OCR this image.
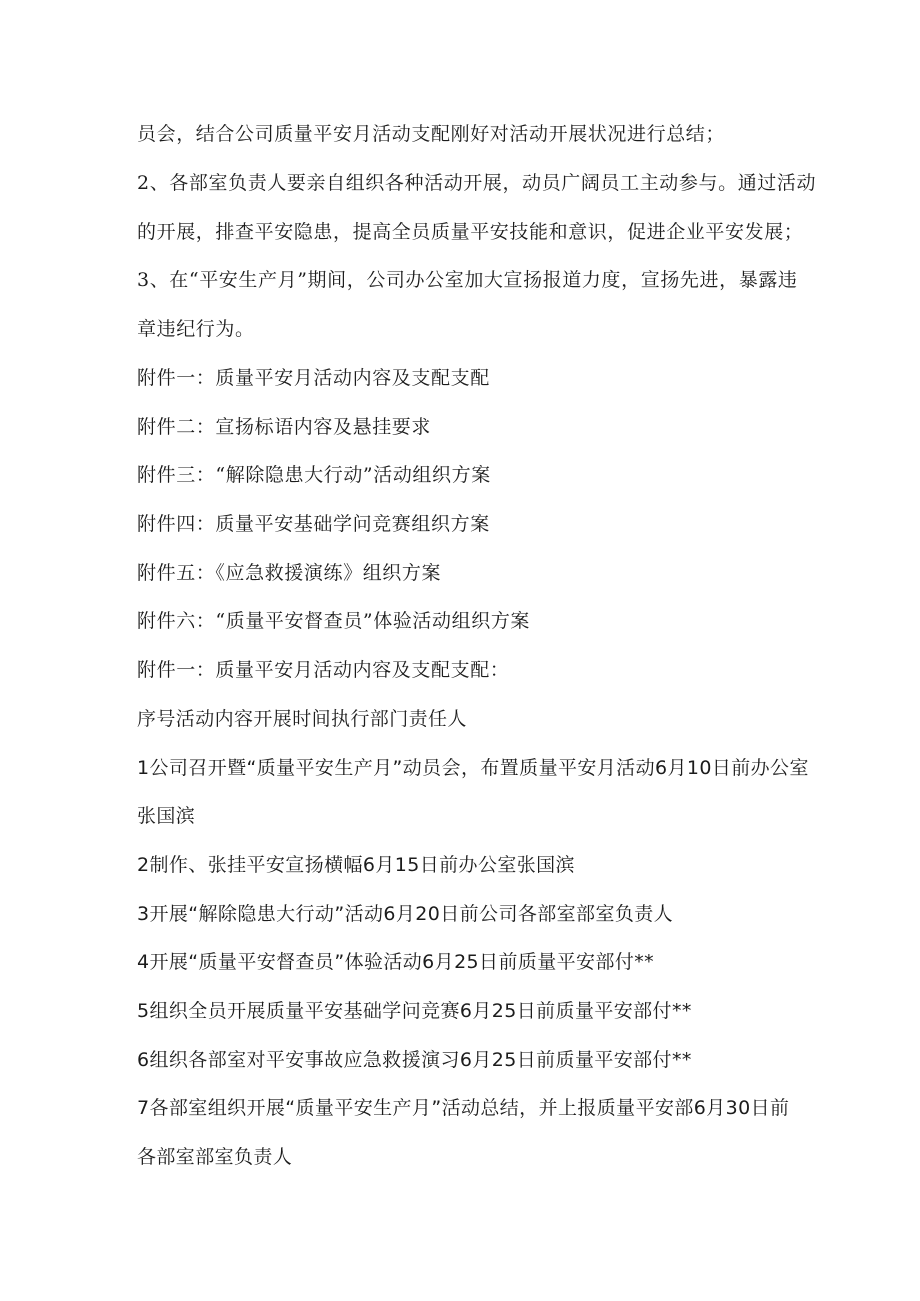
员会，结合公司质量平安月活动支配刚好对活动开展状况进行总结；

2、各部室负责人要亲自组织各种活动开展，动员广阔员工主动参与。通过活动

的开展，排查平安隐患，提高全员质量平安技能和意识，促进企业平安发展；

3、在“平安生产月”期间，公司办公室加大宣扬报道力度，宣扬先进，暴露违

章违纪行为。

附件一：质量平安月活动内容及支配支配

附件二：宣扬标语内容及悬挂要求

附件三：“解除隐患大行动”活动组织方案

附件四：质量平安基础学问竞赛组织方案

附件五：《应急救援演练》组织方案

附件六：“质量平安督查员”体验活动组织方案

附件一：质量平安月活动内容及支配支配：

序号活动内容开展时间执行部门责任人

1公司召开暨“质量平安生产月”动员会，布置质量平安月活动6月10日前办公室

张国滨

2制作、张挂平安宣扬横幅6月15日前办公室张国滨

3开展“解除隐患大行动”活动6月20日前公司各部室部室负责人

4开展“质量平安督查员”体验活动6月25日前质量平安部付**

5组织全员开展质量平安基础学问竞赛6月25日前质量平安部付**

6组织各部室对平安事故应急救援演习6月25日前质量平安部付**

7各部室组织开展“质量平安生产月”活动总结，并上报质量平安部6月30日前

各部室部室负责人
